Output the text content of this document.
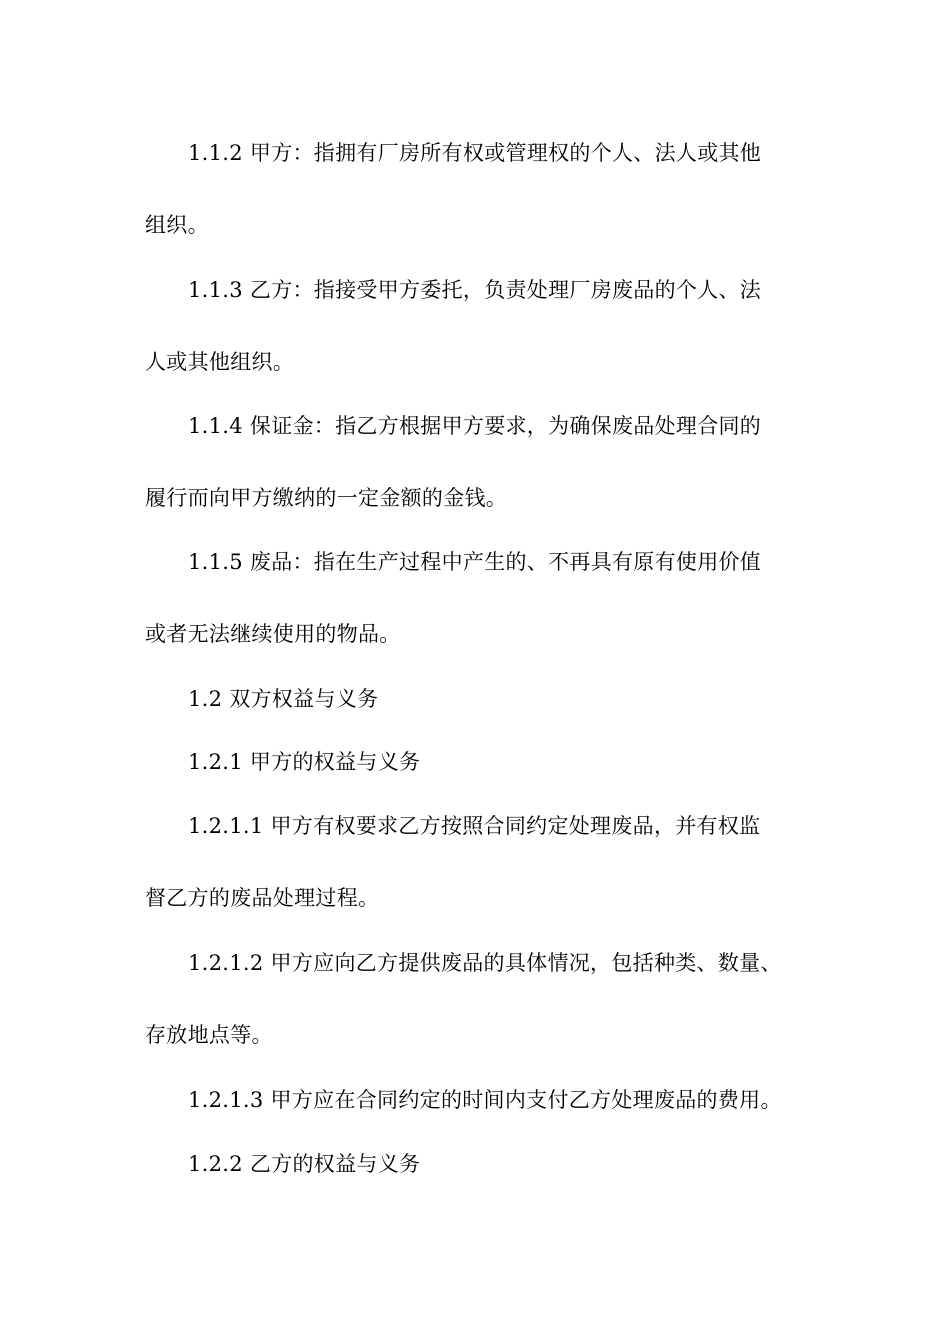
1.1.2 甲方：指拥有厂房所有权或管理权的个人、法人或其他
组织。
1.1.3 乙方：指接受甲方委托，负责处理厂房废品的个人、法
人或其他组织。
1.1.4 保证金：指乙方根据甲方要求，为确保废品处理合同的
履行而向甲方缴纳的一定金额的金钱。
1.1.5 废品：指在生产过程中产生的、不再具有原有使用价值
或者无法继续使用的物品。
1.2 双方权益与义务
1.2.1 甲方的权益与义务
1.2.1.1 甲方有权要求乙方按照合同约定处理废品，并有权监
督乙方的废品处理过程。
1.2.1.2 甲方应向乙方提供废品的具体情况，包括种类、数量、
存放地点等。
1.2.1.3 甲方应在合同约定的时间内支付乙方处理废品的费用。
1.2.2 乙方的权益与义务
